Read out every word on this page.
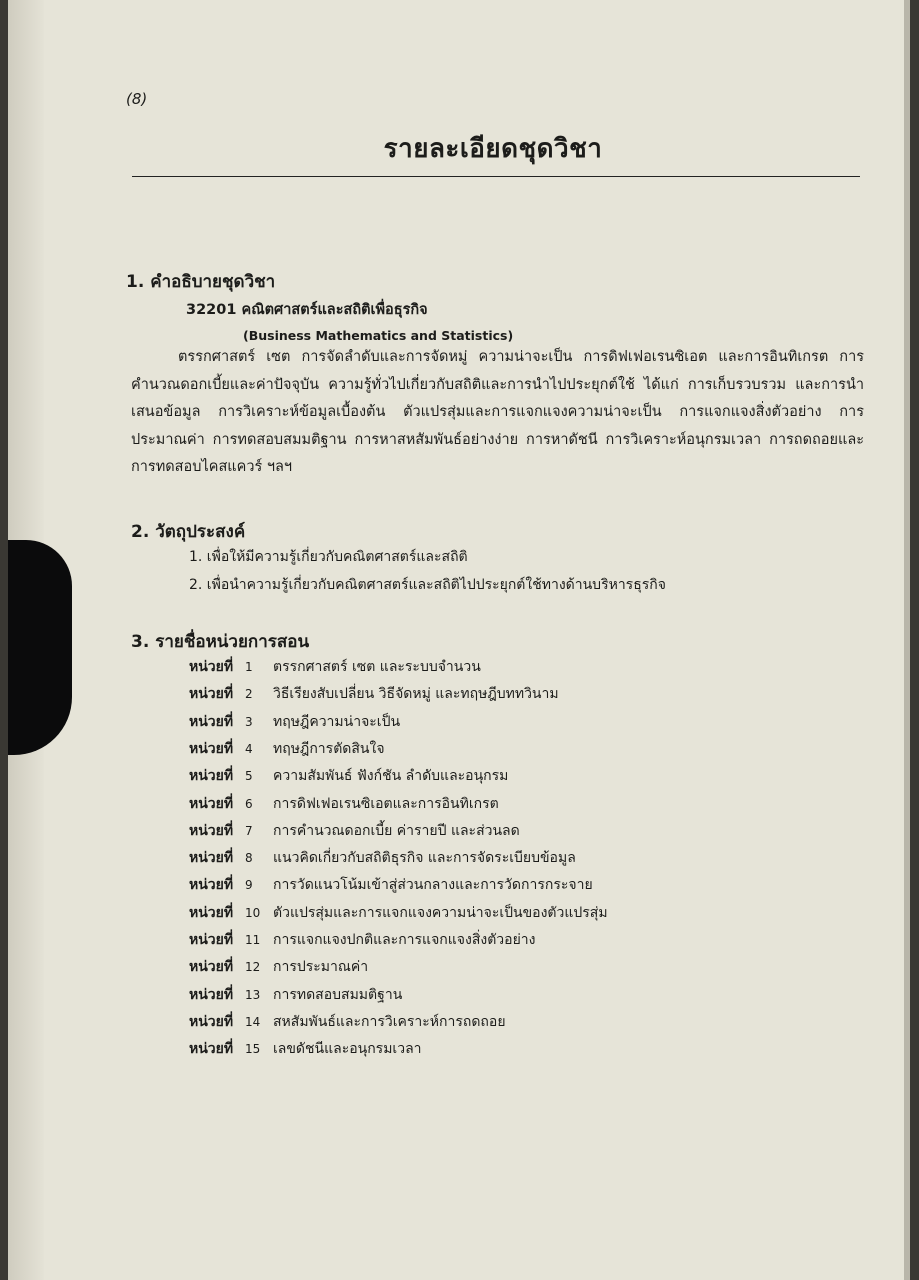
(8)
รายละเอียดชุดวิชา
1. คำอธิบายชุดวิชา
32201 คณิตศาสตร์และสถิติเพื่อธุรกิจ
(Business Mathematics and Statistics)
ตรรกศาสตร์ เซต การจัดลำดับและการจัดหมู่ ความน่าจะเป็น การดิฟเฟอเรนซิเอต และการอินทิเกรต การคำนวณดอกเบี้ยและค่าปัจจุบัน ความรู้ทั่วไปเกี่ยวกับสถิติและการนำไปประยุกต์ใช้ ได้แก่ การเก็บรวบรวม และการนำเสนอข้อมูล การวิเคราะห์ข้อมูลเบื้องต้น ตัวแปรสุ่มและการแจกแจงความน่าจะเป็น การแจกแจงสิ่งตัวอย่าง การประมาณค่า การทดสอบสมมติฐาน การหาสหสัมพันธ์อย่างง่าย การหาดัชนี การวิเคราะห์อนุกรมเวลา การถดถอยและการทดสอบไคสแควร์ ฯลฯ
2. วัตถุประสงค์
1. เพื่อให้มีความรู้เกี่ยวกับคณิตศาสตร์และสถิติ
2. เพื่อนำความรู้เกี่ยวกับคณิตศาสตร์และสถิติไปประยุกต์ใช้ทางด้านบริหารธุรกิจ
3. รายชื่อหน่วยการสอน
หน่วยที่ 1 ตรรกศาสตร์ เซต และระบบจำนวน
หน่วยที่ 2 วิธีเรียงสับเปลี่ยน วิธีจัดหมู่ และทฤษฎีบททวินาม
หน่วยที่ 3 ทฤษฎีความน่าจะเป็น
หน่วยที่ 4 ทฤษฎีการตัดสินใจ
หน่วยที่ 5 ความสัมพันธ์ ฟังก์ชัน ลำดับและอนุกรม
หน่วยที่ 6 การดิฟเฟอเรนซิเอตและการอินทิเกรต
หน่วยที่ 7 การคำนวณดอกเบี้ย ค่ารายปี และส่วนลด
หน่วยที่ 8 แนวคิดเกี่ยวกับสถิติธุรกิจ และการจัดระเบียบข้อมูล
หน่วยที่ 9 การวัดแนวโน้มเข้าสู่ส่วนกลางและการวัดการกระจาย
หน่วยที่ 10 ตัวแปรสุ่มและการแจกแจงความน่าจะเป็นของตัวแปรสุ่ม
หน่วยที่ 11 การแจกแจงปกติและการแจกแจงสิ่งตัวอย่าง
หน่วยที่ 12 การประมาณค่า
หน่วยที่ 13 การทดสอบสมมติฐาน
หน่วยที่ 14 สหสัมพันธ์และการวิเคราะห์การถดถอย
หน่วยที่ 15 เลขดัชนีและอนุกรมเวลา
